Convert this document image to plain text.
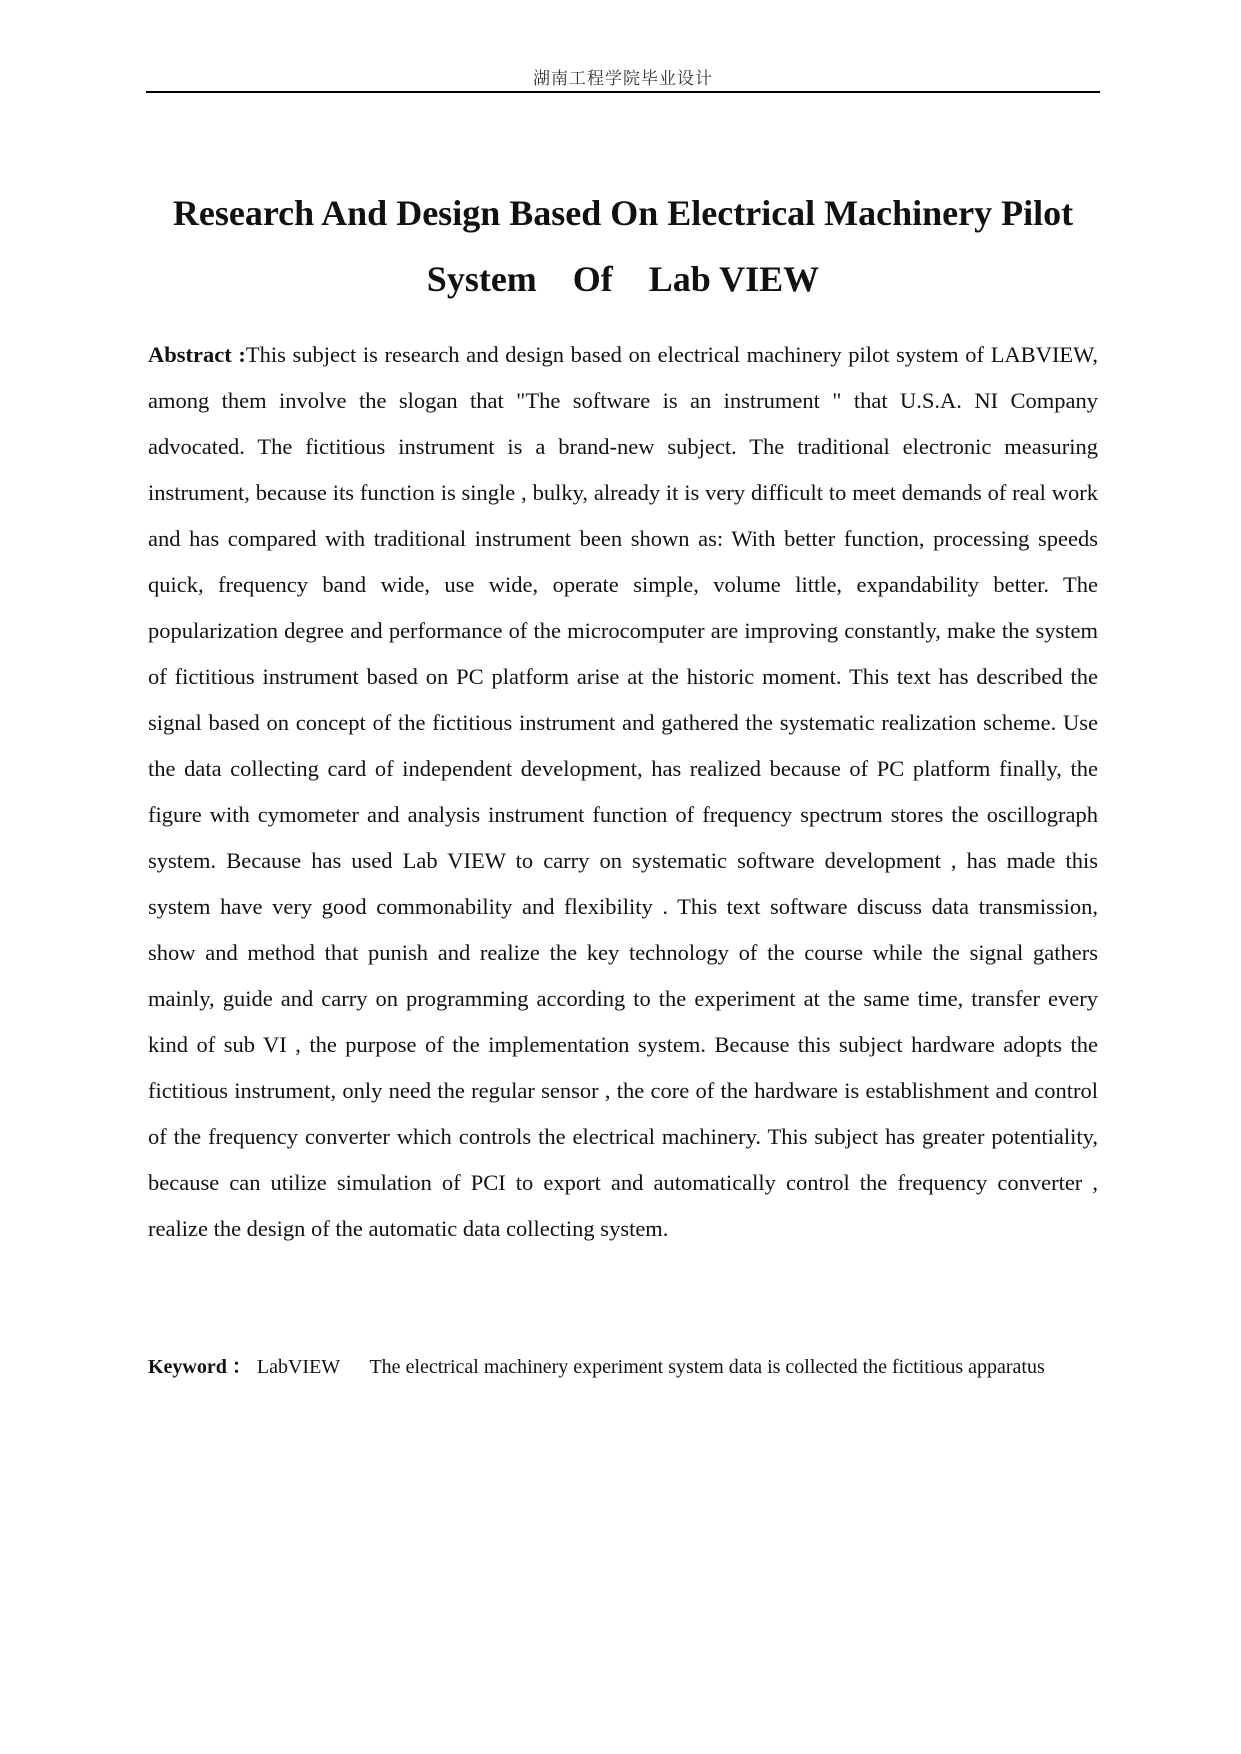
湖南工程学院毕业设计
Research And Design Based On Electrical Machinery Pilot
System    Of    Lab VIEW
Abstract :This subject is research and design based on electrical machinery pilot system of LABVIEW, among them involve the slogan that "The software is an instrument " that U.S.A. NI Company advocated. The fictitious instrument is a brand-new subject. The traditional electronic measuring instrument, because its function is single , bulky, already it is very difficult to meet demands of real work and has compared with traditional instrument been shown as: With better function, processing speeds quick, frequency band wide, use wide, operate simple, volume little, expandability better. The popularization degree and performance of the microcomputer are improving constantly, make the system of fictitious instrument based on PC platform arise at the historic moment. This text has described the signal based on concept of the fictitious instrument and gathered the systematic realization scheme. Use the data collecting card of independent development, has realized because of PC platform finally, the figure with cymometer and analysis instrument function of frequency spectrum stores the oscillograph system. Because has used Lab VIEW to carry on systematic software development , has made this system have very good commonability and flexibility . This text software discuss data transmission, show and method that punish and realize the key technology of the course while the signal gathers mainly, guide and carry on programming according to the experiment at the same time, transfer every kind of sub VI , the purpose of the implementation system. Because this subject hardware adopts the fictitious instrument, only need the regular sensor , the core of the hardware is establishment and control of the frequency converter which controls the electrical machinery. This subject has greater potentiality, because can utilize simulation of PCI to export and automatically control the frequency converter , realize the design of the automatic data collecting system.
Keyword ： LabVIEW      The electrical machinery experiment system data is collected the fictitious apparatus
